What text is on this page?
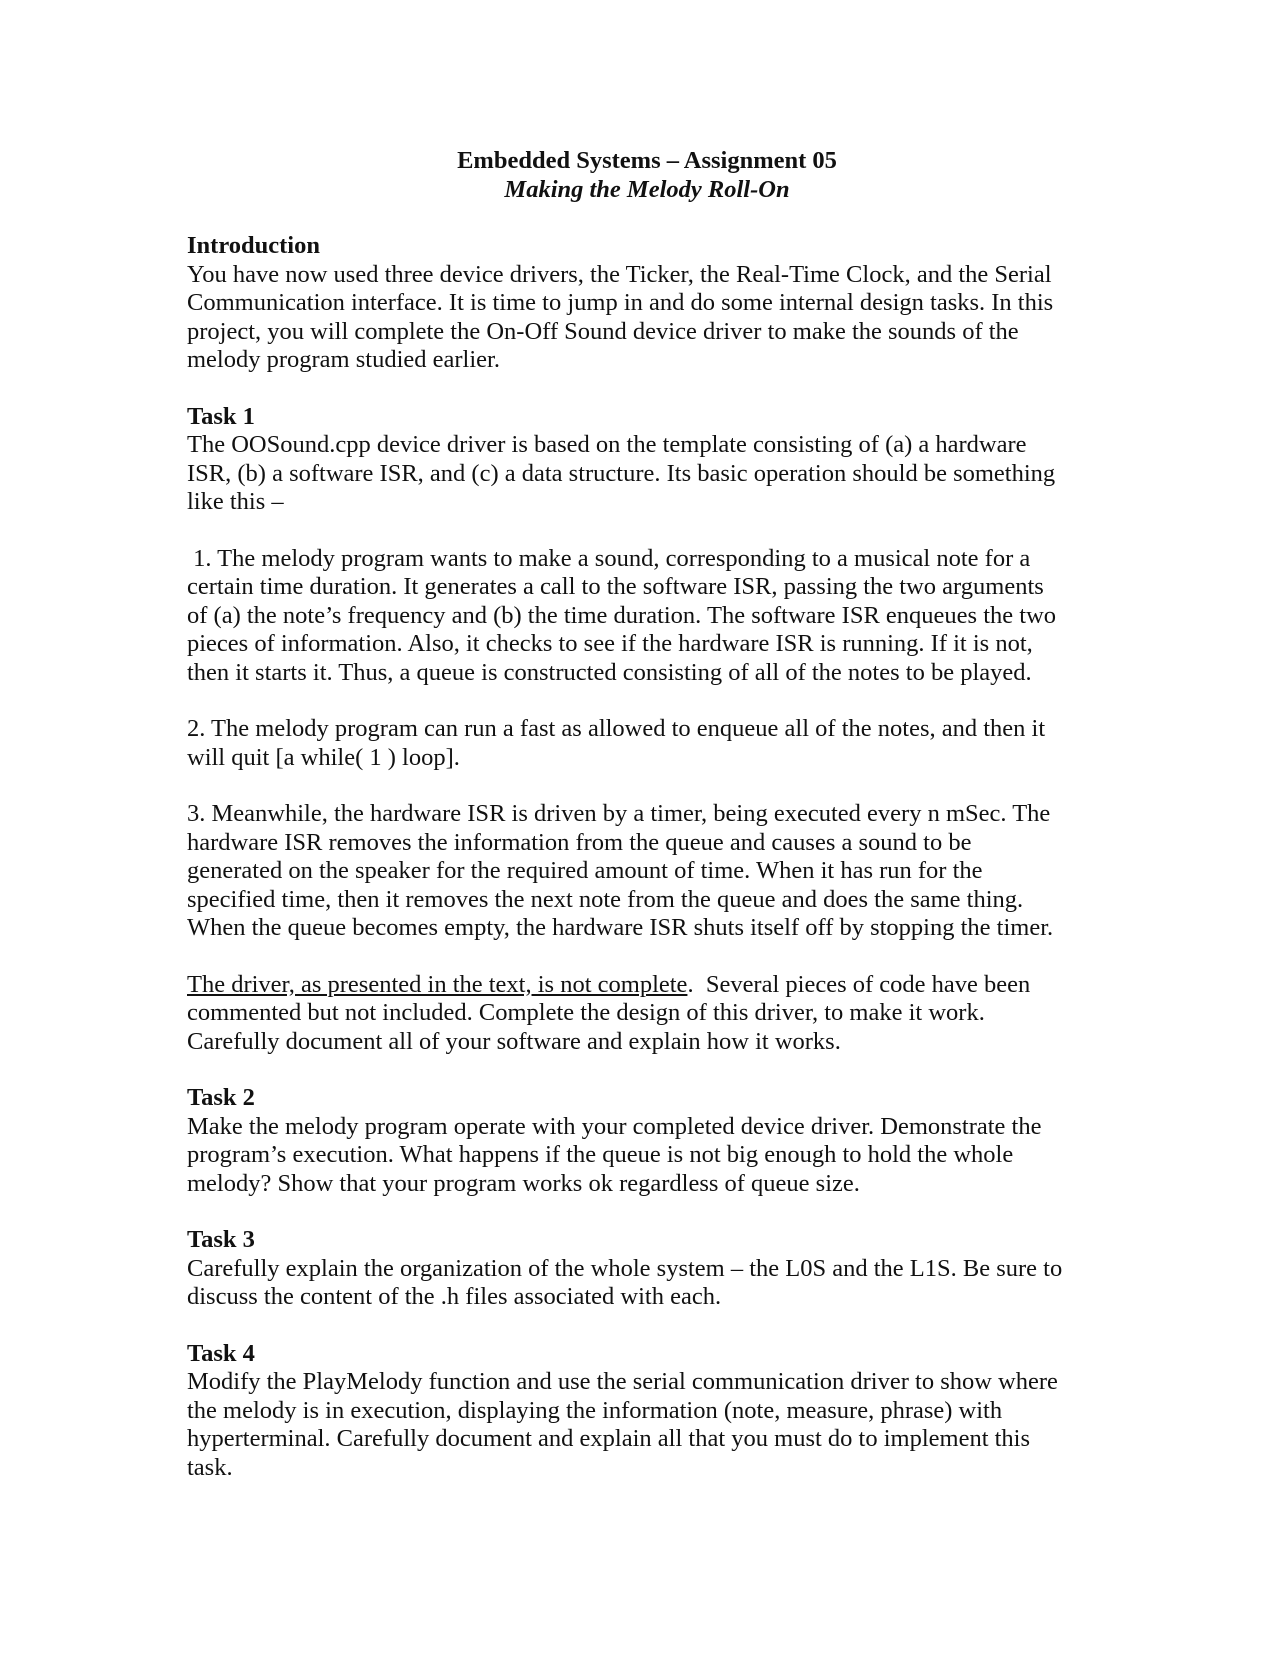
Embedded Systems – Assignment 05
Making the Melody Roll-On
Introduction
You have now used three device drivers, the Ticker, the Real-Time Clock, and the Serial
Communication interface. It is time to jump in and do some internal design tasks. In this
project, you will complete the On-Off Sound device driver to make the sounds of the
melody program studied earlier.
Task 1
The OOSound.cpp device driver is based on the template consisting of (a) a hardware
ISR, (b) a software ISR, and (c) a data structure. Its basic operation should be something
like this –
1. The melody program wants to make a sound, corresponding to a musical note for a
certain time duration. It generates a call to the software ISR, passing the two arguments
of (a) the note’s frequency and (b) the time duration. The software ISR enqueues the two
pieces of information. Also, it checks to see if the hardware ISR is running. If it is not,
then it starts it. Thus, a queue is constructed consisting of all of the notes to be played.
2. The melody program can run a fast as allowed to enqueue all of the notes, and then it
will quit [a while( 1 ) loop].
3. Meanwhile, the hardware ISR is driven by a timer, being executed every n mSec. The
hardware ISR removes the information from the queue and causes a sound to be
generated on the speaker for the required amount of time. When it has run for the
specified time, then it removes the next note from the queue and does the same thing.
When the queue becomes empty, the hardware ISR shuts itself off by stopping the timer.
The driver, as presented in the text, is not complete.  Several pieces of code have been
commented but not included. Complete the design of this driver, to make it work.
Carefully document all of your software and explain how it works.
Task 2
Make the melody program operate with your completed device driver. Demonstrate the
program’s execution. What happens if the queue is not big enough to hold the whole
melody? Show that your program works ok regardless of queue size.
Task 3
Carefully explain the organization of the whole system – the L0S and the L1S. Be sure to
discuss the content of the .h files associated with each.
Task 4
Modify the PlayMelody function and use the serial communication driver to show where
the melody is in execution, displaying the information (note, measure, phrase) with
hyperterminal. Carefully document and explain all that you must do to implement this
task.
